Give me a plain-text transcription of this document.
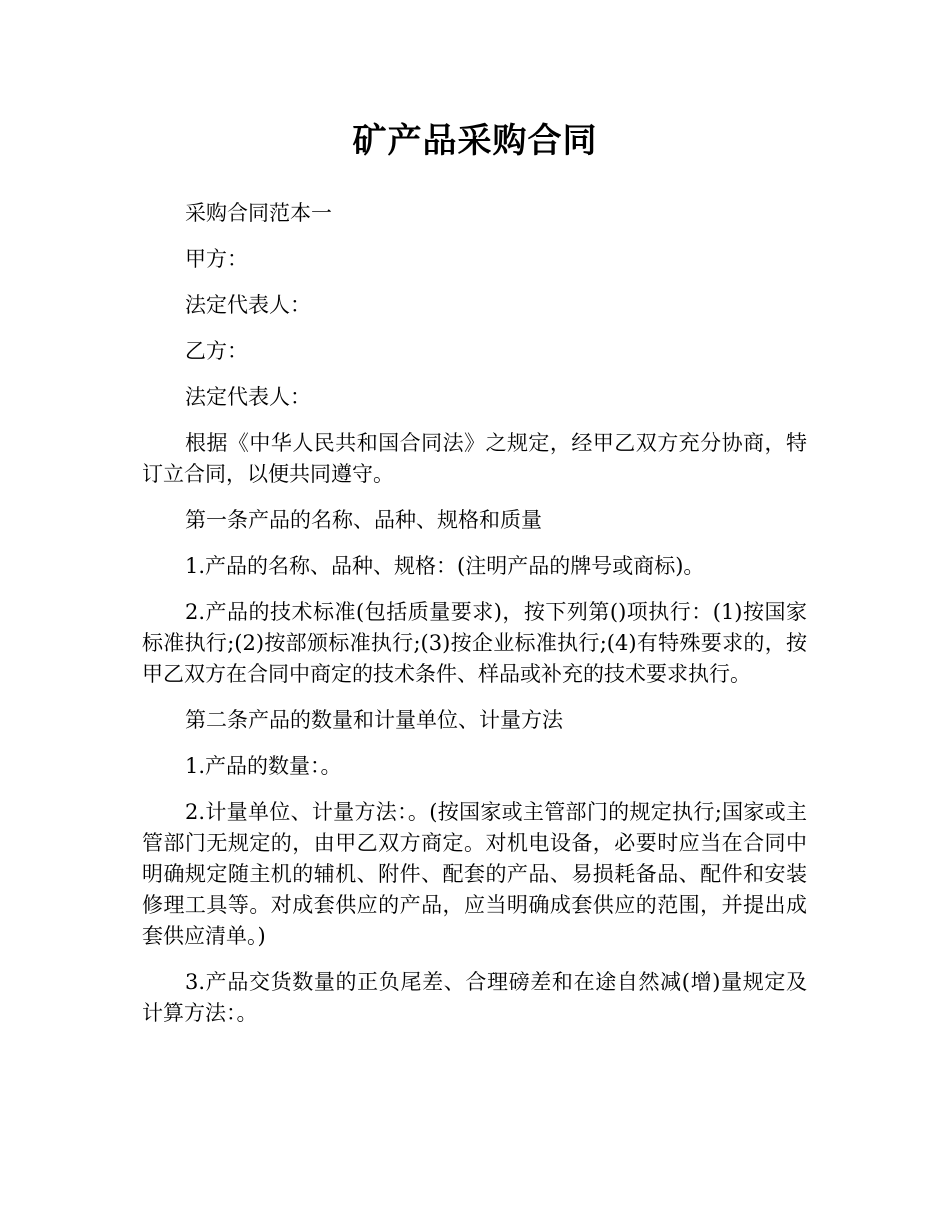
矿产品采购合同

采购合同范本一

甲方：

法定代表人：

乙方：

法定代表人：

根据《中华人民共和国合同法》之规定，经甲乙双方充分协商，特订立合同，以便共同遵守。

第一条产品的名称、品种、规格和质量

1.产品的名称、品种、规格：(注明产品的牌号或商标)。

2.产品的技术标准(包括质量要求)，按下列第()项执行：(1)按国家标准执行;(2)按部颁标准执行;(3)按企业标准执行;(4)有特殊要求的，按甲乙双方在合同中商定的技术条件、样品或补充的技术要求执行。

第二条产品的数量和计量单位、计量方法

1.产品的数量：。

2.计量单位、计量方法：。(按国家或主管部门的规定执行;国家或主管部门无规定的，由甲乙双方商定。对机电设备，必要时应当在合同中明确规定随主机的辅机、附件、配套的产品、易损耗备品、配件和安装修理工具等。对成套供应的产品，应当明确成套供应的范围，并提出成套供应清单。)

3.产品交货数量的正负尾差、合理磅差和在途自然减(增)量规定及计算方法：。
